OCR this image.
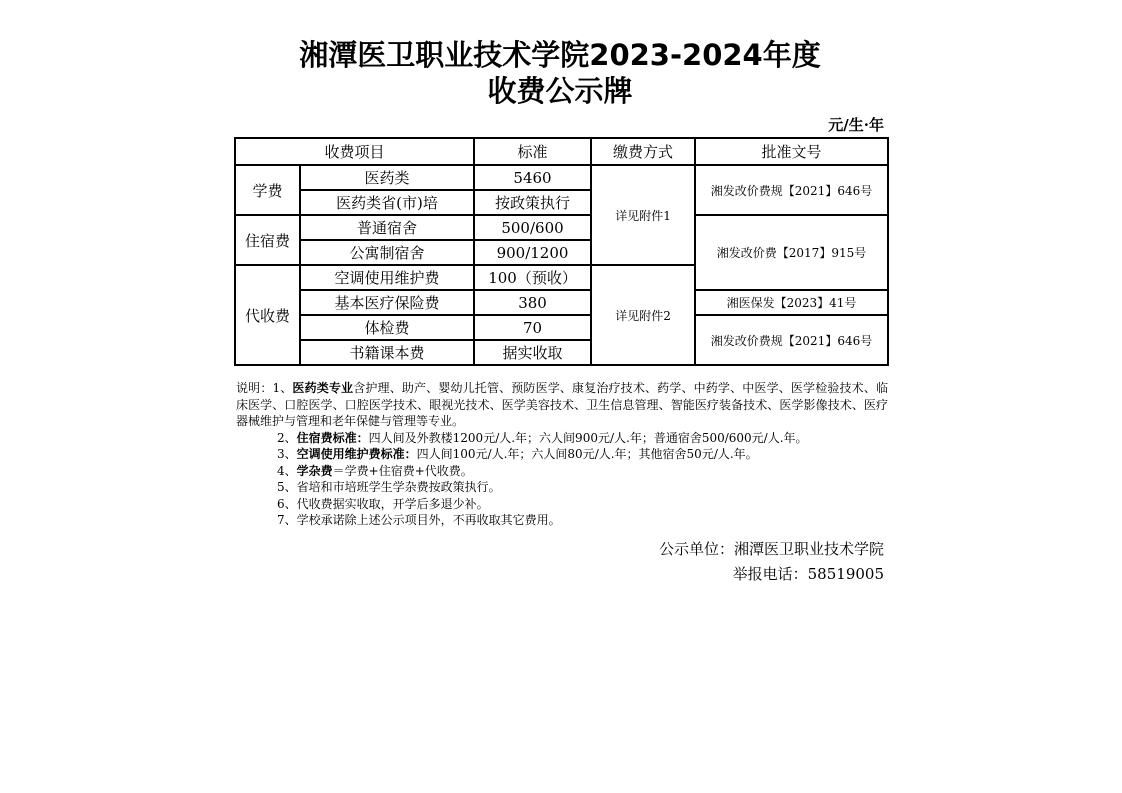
湘潭医卫职业技术学院2023-2024年度
收费公示牌
元/生·年
收费项目		标准	缴费方式	批准文号
学费	医药类	5460	详见附件1	湘发改价费规【2021】646号
	医药类省(市)培	按政策执行		
住宿费	普通宿舍	500/600		湘发改价费【2017】915号
	公寓制宿舍	900/1200		
代收费	空调使用维护费	100（预收）	详见附件2	
	基本医疗保险费	380		湘医保发【2023】41号
	体检费	70		湘发改价费规【2021】646号
	书籍课本费	据实收取		

说明：1、医药类专业含护理、助产、婴幼儿托管、预防医学、康复治疗技术、药学、中药学、中医学、医学检验技术、临床医学、口腔医学、口腔医学技术、眼视光技术、医学美容技术、卫生信息管理、智能医疗装备技术、医学影像技术、医疗器械维护与管理和老年保健与管理等专业。

2、住宿费标准：四人间及外教楼1200元/人.年；六人间900元/人.年；普通宿舍500/600元/人.年。

3、空调使用维护费标准：四人间100元/人.年；六人间80元/人.年；其他宿舍50元/人.年。

4、学杂费＝学费+住宿费+代收费。

5、省培和市培班学生学杂费按政策执行。

6、代收费据实收取，开学后多退少补。

7、学校承诺除上述公示项目外，不再收取其它费用。

公示单位：湘潭医卫职业技术学院
举报电话：58519005
